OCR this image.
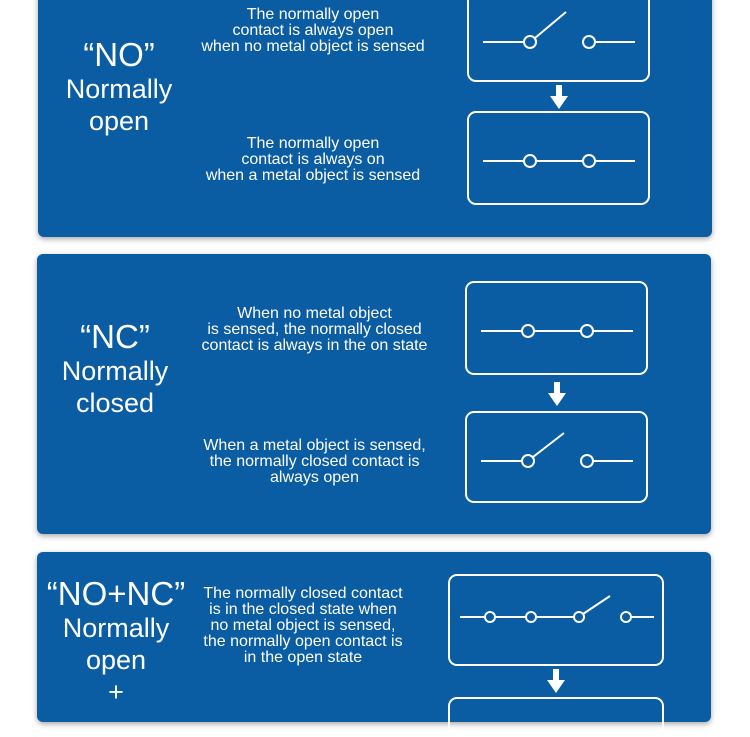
“NO”
Normally
open
The normally open
contact is always open
when no metal object is sensed
The normally open
contact is always on
when a metal object is sensed
“NC”
Normally
closed
When no metal object
is sensed, the normally closed
contact is always in the on state
When a metal object is sensed,
the normally closed contact is
always open
“NO+NC”
Normally
open
+
The normally closed contact
is in the closed state when
no metal object is sensed,
the normally open contact is
in the open state
